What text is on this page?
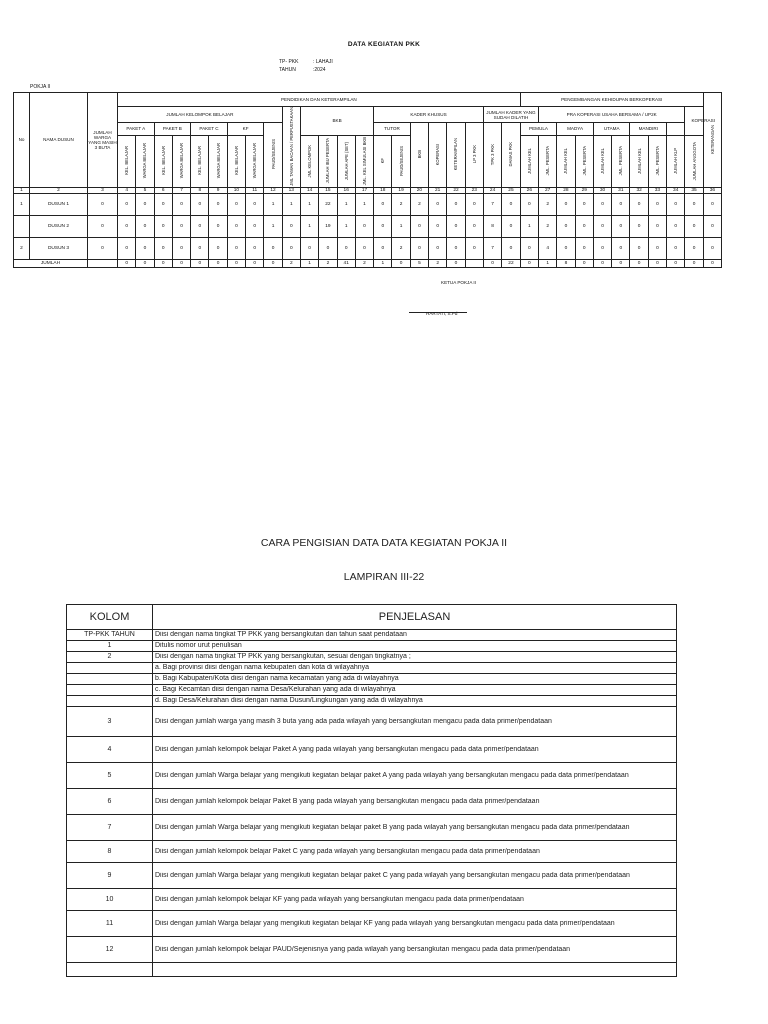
DATA KEGIATAN PKK
TP- PKK	: LAHAJI
TAHUN	:2024
POKJA II
No	NAMA DUSUN	JUMLAH WARGA YANG MASIH 3 BUTA	PENDIDIKAN DAN KETERAMPILAN																						PENGEMBANGAN KEHIDUPAN BERKOPERASI										KETERANGAN	
			JUMLAH KELOMPOK BELAJAR									JML TAMAN BACAAN / PERPUSTAKAAN	BKB				KADER KHUSUS						JUMLAH KADER YANG SUDAH DILATIH			PRA KOPERASI USAHA BERSAMA / UP2K								KOPERASI		
			PAKET A		PAKET B		PAKET C		KF		PAUD/SEJENIS						TUTOR		BKB	KOPERASI	KETERAMPILAN	LP 3 PKK	TPK 3 PKK	DAMAS PKK	PEMULA		MADYA		UTAMA		MANDIRI					
			KEL. BELAJAR	WARGA BELAJAR	KEL. BELAJAR	WARGA BELAJAR	KEL. BELAJAR	WARGA BELAJAR	KEL. BELAJAR	WARGA BELAJAR			JML KELOMPOK	JUMLAH IBU PESERTA	JUMLAH APE (SET)	JML. KEL SIMULASI BKB	KF	PAUD/SEJENIS							JUMLAH KEL	JML. PESERTA	JUMLAH KEL	JML. PESERTA	JUMLAH KEL	JML. PESERTA	JUMLAH KEL	JML. PESERTA	JUMLAH KLP	JUMLAH ANGGOTA		
1	2	3	4	5	6	7	8	9	10	11	12	13	14	15	16	17	18	19	20	21	22	23	24	25	26	27	28	29	30	31	32	33	34	35	36	
1	DUSUN 1	0	0	0	0	0	0	0	0	0	1	1	1	22	1	1	0	2	2	0	0	0	7	0	0	2	0	0	0	0	0	0	0	0	0	
	DUSUN 2	0	0	0	0	0	0	0	0	0	1	0	1	19	1	0	0	1	0	0	0	0	8	0	1	2	0	0	0	0	0	0	0	0	0	
2	DUSUN 3	0	0	0	0	0	0	0	0	0	0	0	0	0	0	0	0	2	0	0	0	0	7	0	0	4	0	0	0	0	0	0	0	0	0	
JUMLAH			0	0	0	0	0	0	0	0	0	2	1	2	41	2	1	0	5	2	0		0	22	0	1	8	0	0	0	0	0	0	0	0		
KETUA POKJA II
HARTATI, S.Pd
CARA PENGISIAN DATA DATA KEGIATAN POKJA II
LAMPIRAN III-22
KOLOM	PENJELASAN
TP-PKK TAHUN	Diisi dengan nama tingkat TP PKK yang bersangkutan dan tahun saat pendataan
1	Ditulis nomor urut penulisan
2	Diisi dengan nama tingkat TP PKK yang bersangkutan, sesuai dengan tingkatnya ;
	a. Bagi provinsi diisi dengan nama kebupaten dan kota di wilayahnya
	b. Bagi Kabupaten/Kota diisi dengan nama kecamatan yang ada di wilayahnya
	c. Bagi Kecamtan diisi dengan nama Desa/Kelurahan yang ada di wilayahnya
	d. Bagi Desa/Kelurahan diisi dengan nama Dusun/Lingkungan yang ada di wilayahnya
3	Diisi dengan jumlah warga yang masih 3 buta yang ada pada wilayah yang bersangkutan mengacu pada data primer/pendataan
4	Diisi dengan jumlah kelompok belajar Paket A yang pada wilayah yang bersangkutan mengacu pada data primer/pendataan
5	Diisi dengan jumlah Warga belajar yang mengikuti kegiatan belajar paket A yang pada wilayah yang bersangkutan mengacu pada data primer/pendataan
6	Diisi dengan jumlah kelompok belajar Paket B yang pada wilayah yang bersangkutan mengacu pada data primer/pendataan
7	Diisi dengan jumlah Warga belajar yang mengikuti kegiatan belajar paket B yang pada wilayah yang bersangkutan mengacu pada data primer/pendataan
8	Diisi dengan jumlah kelompok belajar Paket C yang pada wilayah yang bersangkutan mengacu pada data primer/pendataan
9	Diisi dengan jumlah Warga belajar yang mengikuti kegiatan belajar paket C yang pada wilayah yang bersangkutan mengacu pada data primer/pendataan
10	Diisi dengan jumlah kelompok belajar KF yang pada wilayah yang bersangkutan mengacu pada data primer/pendataan
11	Diisi dengan jumlah Warga belajar yang mengikuti kegiatan belajar KF yang pada wilayah yang bersangkutan mengacu pada data primer/pendataan
12	Diisi dengan jumlah kelompok belajar PAUD/Sejenisnya yang pada wilayah yang bersangkutan mengacu pada data primer/pendataan
